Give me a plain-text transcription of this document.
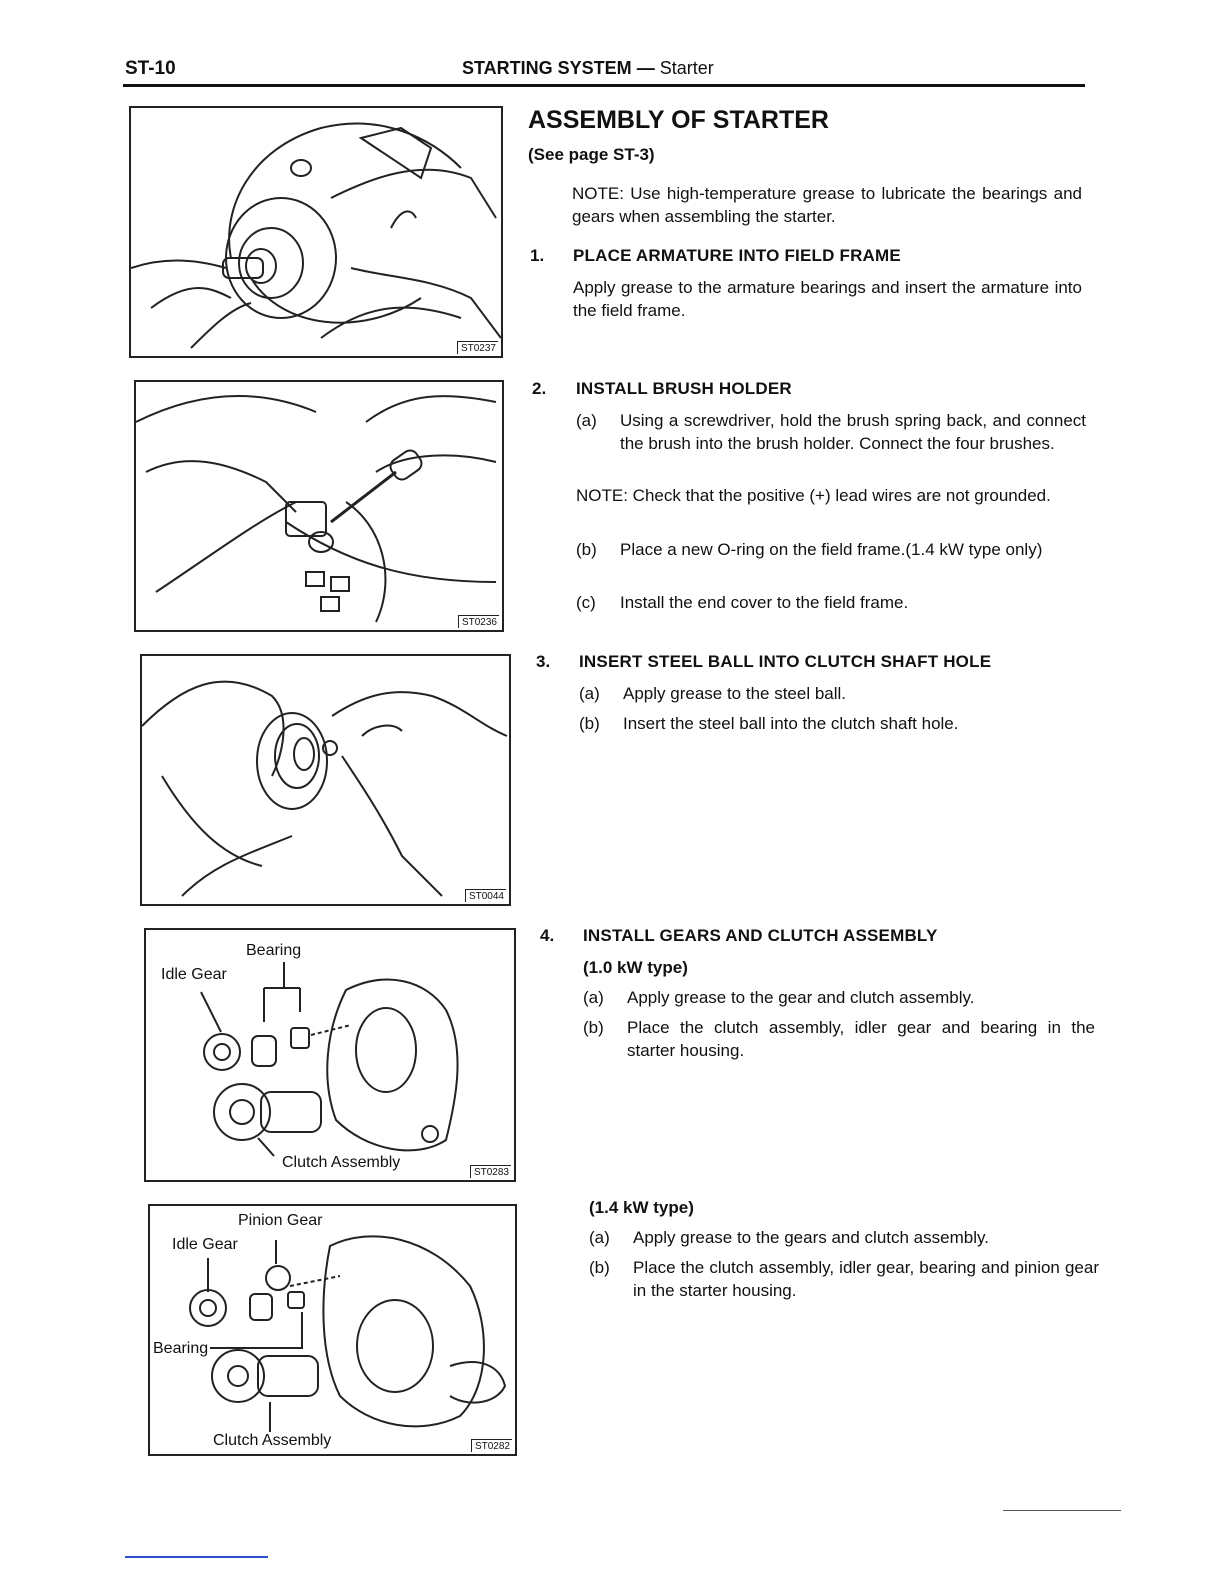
ST-10	STARTING SYSTEM — Starter
ST0237
ST0236
ST0044
Bearing
Idle Gear
Clutch Assembly
ST0283
Pinion Gear
Idle Gear
Bearing
Clutch Assembly	ST0282
ASSEMBLY OF STARTER
(See page ST-3)
NOTE: Use high-temperature grease to lubricate the bearings and gears when assembling the starter.
1. PLACE ARMATURE INTO FIELD FRAME
Apply grease to the armature bearings and insert the armature into the field frame.
2. INSTALL BRUSH HOLDER
(a) Using a screwdriver, hold the brush spring back, and connect the brush into the brush holder. Connect the four brushes.
NOTE: Check that the positive (+) lead wires are not grounded.
(b) Place a new O-ring on the field frame.(1.4 kW type only)
(c) Install the end cover to the field frame.
3. INSERT STEEL BALL INTO CLUTCH SHAFT HOLE
(a) Apply grease to the steel ball.
(b) Insert the steel ball into the clutch shaft hole.
4. INSTALL GEARS AND CLUTCH ASSEMBLY
(1.0 kW type)
(a) Apply grease to the gear and clutch assembly.
(b) Place the clutch assembly, idler gear and bearing in the starter housing.
(1.4 kW type)
(a) Apply grease to the gears and clutch assembly.
(b) Place the clutch assembly, idler gear, bearing and pinion gear in the starter housing.
